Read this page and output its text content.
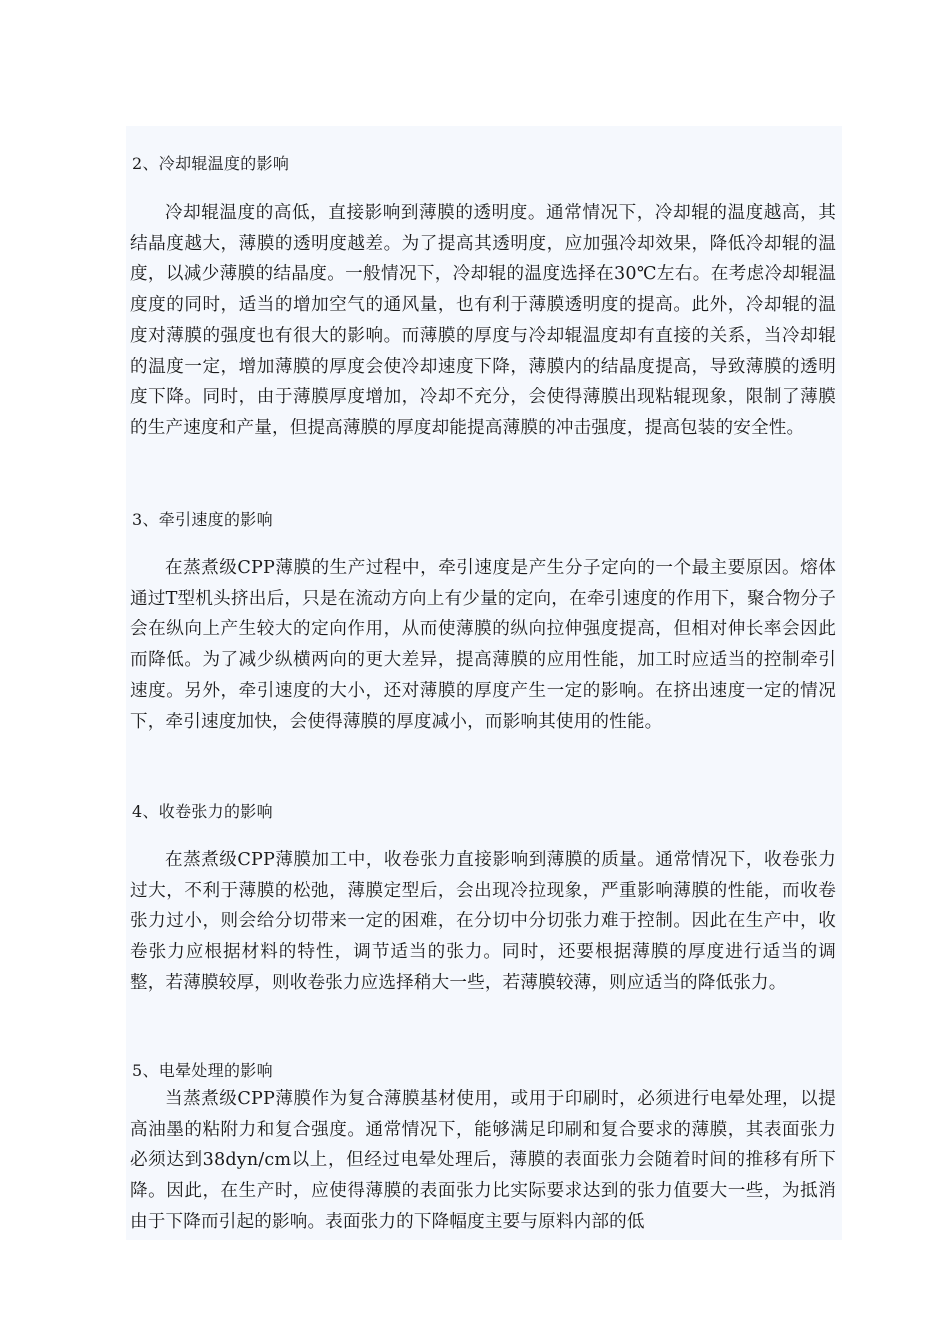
2、冷却辊温度的影响

冷却辊温度的高低，直接影响到薄膜的透明度。通常情况下，冷却辊的温度越高，其结晶度越大，薄膜的透明度越差。为了提高其透明度，应加强冷却效果，降低冷却辊的温度，以减少薄膜的结晶度。一般情况下，冷却辊的温度选择在30℃左右。在考虑冷却辊温度度的同时，适当的增加空气的通风量，也有利于薄膜透明度的提高。此外，冷却辊的温度对薄膜的强度也有很大的影响。而薄膜的厚度与冷却辊温度却有直接的关系，当冷却辊的温度一定，增加薄膜的厚度会使冷却速度下降，薄膜内的结晶度提高，导致薄膜的透明度下降。同时，由于薄膜厚度增加，冷却不充分，会使得薄膜出现粘辊现象，限制了薄膜的生产速度和产量，但提高薄膜的厚度却能提高薄膜的冲击强度，提高包装的安全性。

3、牵引速度的影响

在蒸煮级CPP薄膜的生产过程中，牵引速度是产生分子定向的一个最主要原因。熔体通过T型机头挤出后，只是在流动方向上有少量的定向，在牵引速度的作用下，聚合物分子会在纵向上产生较大的定向作用，从而使薄膜的纵向拉伸强度提高，但相对伸长率会因此而降低。为了减少纵横两向的更大差异，提高薄膜的应用性能，加工时应适当的控制牵引速度。另外，牵引速度的大小，还对薄膜的厚度产生一定的影响。在挤出速度一定的情况下，牵引速度加快，会使得薄膜的厚度减小，而影响其使用的性能。

4、收卷张力的影响

在蒸煮级CPP薄膜加工中，收卷张力直接影响到薄膜的质量。通常情况下，收卷张力过大，不利于薄膜的松弛，薄膜定型后，会出现冷拉现象，严重影响薄膜的性能，而收卷张力过小，则会给分切带来一定的困难，在分切中分切张力难于控制。因此在生产中，收卷张力应根据材料的特性，调节适当的张力。同时，还要根据薄膜的厚度进行适当的调整，若薄膜较厚，则收卷张力应选择稍大一些，若薄膜较薄，则应适当的降低张力。

5、电晕处理的影响

当蒸煮级CPP薄膜作为复合薄膜基材使用，或用于印刷时，必须进行电晕处理，以提高油墨的粘附力和复合强度。通常情况下，能够满足印刷和复合要求的薄膜，其表面张力必须达到38dyn/cm以上，但经过电晕处理后，薄膜的表面张力会随着时间的推移有所下降。因此，在生产时，应使得薄膜的表面张力比实际要求达到的张力值要大一些，为抵消由于下降而引起的影响。表面张力的下降幅度主要与原料内部的低
